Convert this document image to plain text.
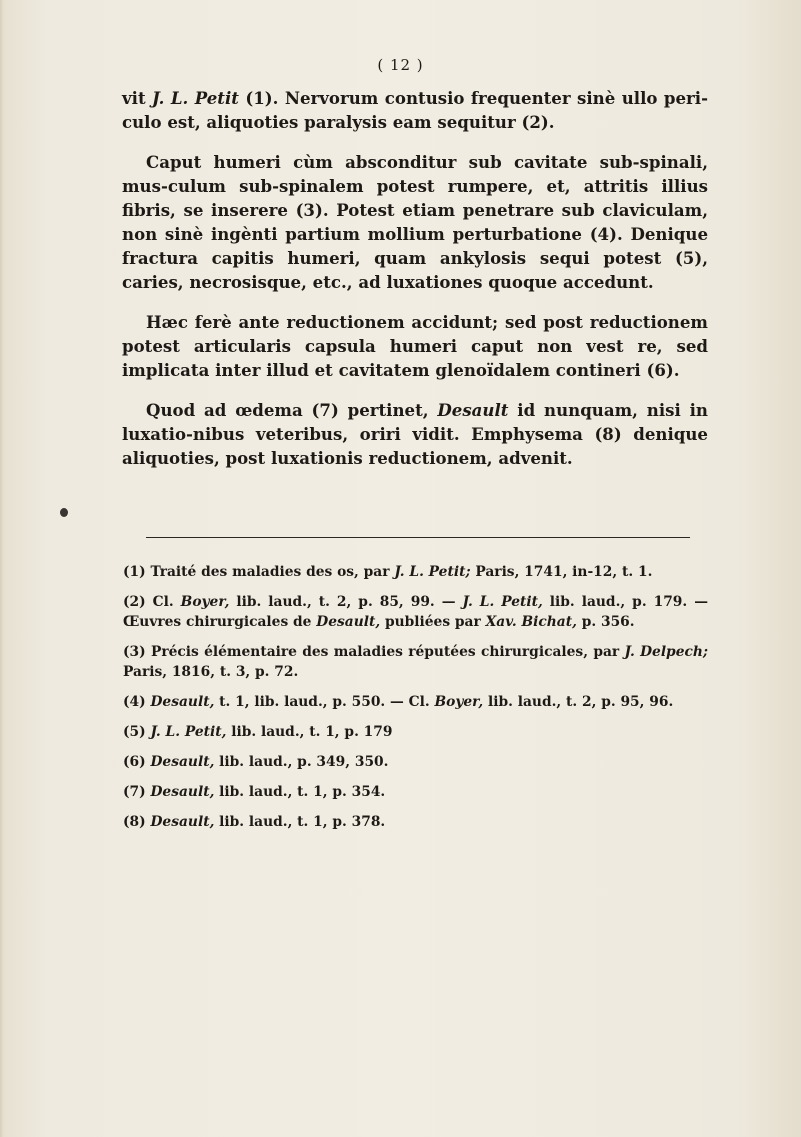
( 12 )

vit J. L. Petit (1). Nervorum contusio frequenter sinè ullo peri-culo est, aliquoties paralysis eam sequitur (2).

Caput humeri cùm absconditur sub cavitate sub-spinali, mus-culum sub-spinalem potest rumpere, et, attritis illius fibris, se inserere (3). Potest etiam penetrare sub claviculam, non sinè ingènti partium mollium perturbatione (4). Denique fractura capitis humeri, quam ankylosis sequi potest (5), caries, necrosisque, etc., ad luxationes quoque accedunt.

Hæc ferè ante reductionem accidunt; sed post reductionem potest articularis capsula humeri caput non vest re, sed implicata inter illud et cavitatem glenoïdalem contineri (6).

Quod ad œdema (7) pertinet, Desault id nunquam, nisi in luxatio-nibus veteribus, oriri vidit. Emphysema (8) denique aliquoties, post luxationis reductionem, advenit.

(1) Traité des maladies des os, par J. L. Petit; Paris, 1741, in-12, t. 1.

(2) Cl. Boyer, lib. laud., t. 2, p. 85, 99. — J. L. Petit, lib. laud., p. 179. — Œuvres chirurgicales de Desault, publiées par Xav. Bichat, p. 356.

(3) Précis élémentaire des maladies réputées chirurgicales, par J. Delpech; Paris, 1816, t. 3, p. 72.

(4) Desault, t. 1, lib. laud., p. 550. — Cl. Boyer, lib. laud., t. 2, p. 95, 96.

(5) J. L. Petit, lib. laud., t. 1, p. 179

(6) Desault, lib. laud., p. 349, 350.

(7) Desault, lib. laud., t. 1, p. 354.

(8) Desault, lib. laud., t. 1, p. 378.
